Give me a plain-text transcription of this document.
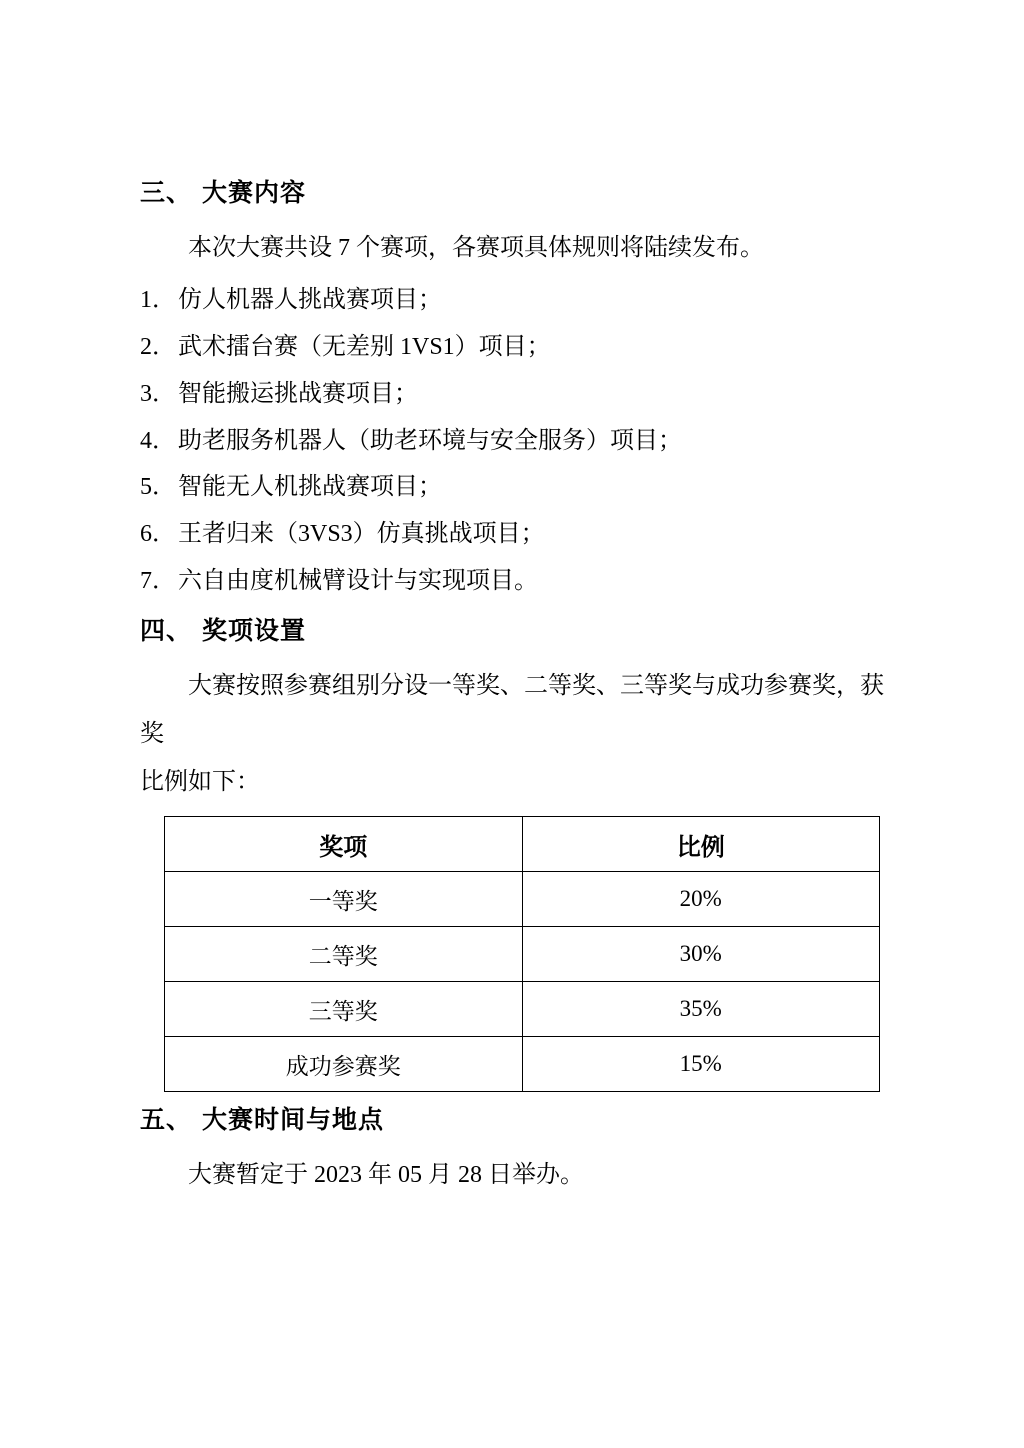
三、 大赛内容

本次大赛共设 7 个赛项，各赛项具体规则将陆续发布。

1．仿人机器人挑战赛项目；
2．武术擂台赛（无差别 1VS1）项目；
3．智能搬运挑战赛项目；
4．助老服务机器人（助老环境与安全服务）项目；
5．智能无人机挑战赛项目；
6．王者归来（3VS3）仿真挑战项目；
7．六自由度机械臂设计与实现项目。
四、 奖项设置

大赛按照参赛组别分设一等奖、二等奖、三等奖与成功参赛奖，获奖

比例如下：

奖项	比例
一等奖	20%
二等奖	30%
三等奖	35%
成功参赛奖	15%
五、 大赛时间与地点

大赛暂定于 2023 年 05 月 28 日举办。
